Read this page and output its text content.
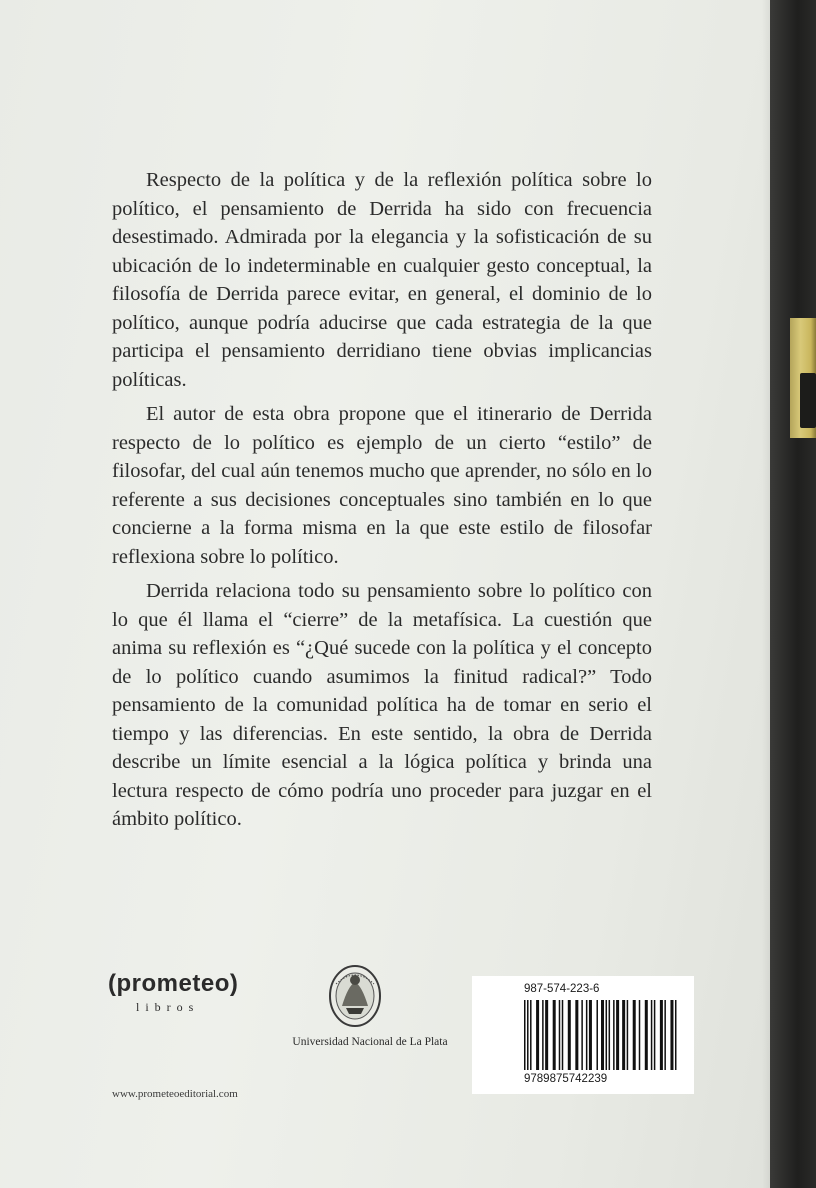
Respecto de la política y de la reflexión política sobre lo político, el pensamiento de Derrida ha sido con frecuencia desestimado. Admirada por la elegancia y la sofisticación de su ubicación de lo indeterminable en cualquier gesto conceptual, la filosofía de Derrida parece evitar, en general, el dominio de lo político, aunque podría aducirse que cada estrategia de la que participa el pensamiento derridiano tiene obvias implicancias políticas.

El autor de esta obra propone que el itinerario de Derrida respecto de lo político es ejemplo de un cierto “estilo” de filosofar, del cual aún tenemos mucho que aprender, no sólo en lo referente a sus decisiones conceptuales sino también en lo que concierne a la forma misma en la que este estilo de filosofar reflexiona sobre lo político.

Derrida relaciona todo su pensamiento sobre lo político con lo que él llama el “cierre” de la metafísica. La cuestión que anima su reflexión es “¿Qué sucede con la política y el concepto de lo político cuando asumimos la finitud radical?” Todo pensamiento de la comunidad política ha de tomar en serio el tiempo y las diferencias. En este sentido, la obra de Derrida describe un límite esencial a la lógica política y brinda una lectura respecto de cómo podría uno proceder para juzgar en el ámbito político.

(prometeo)
libros
Universidad Nacional de La Plata
987-574-223-6
9789875742239
www.prometeoeditorial.com
